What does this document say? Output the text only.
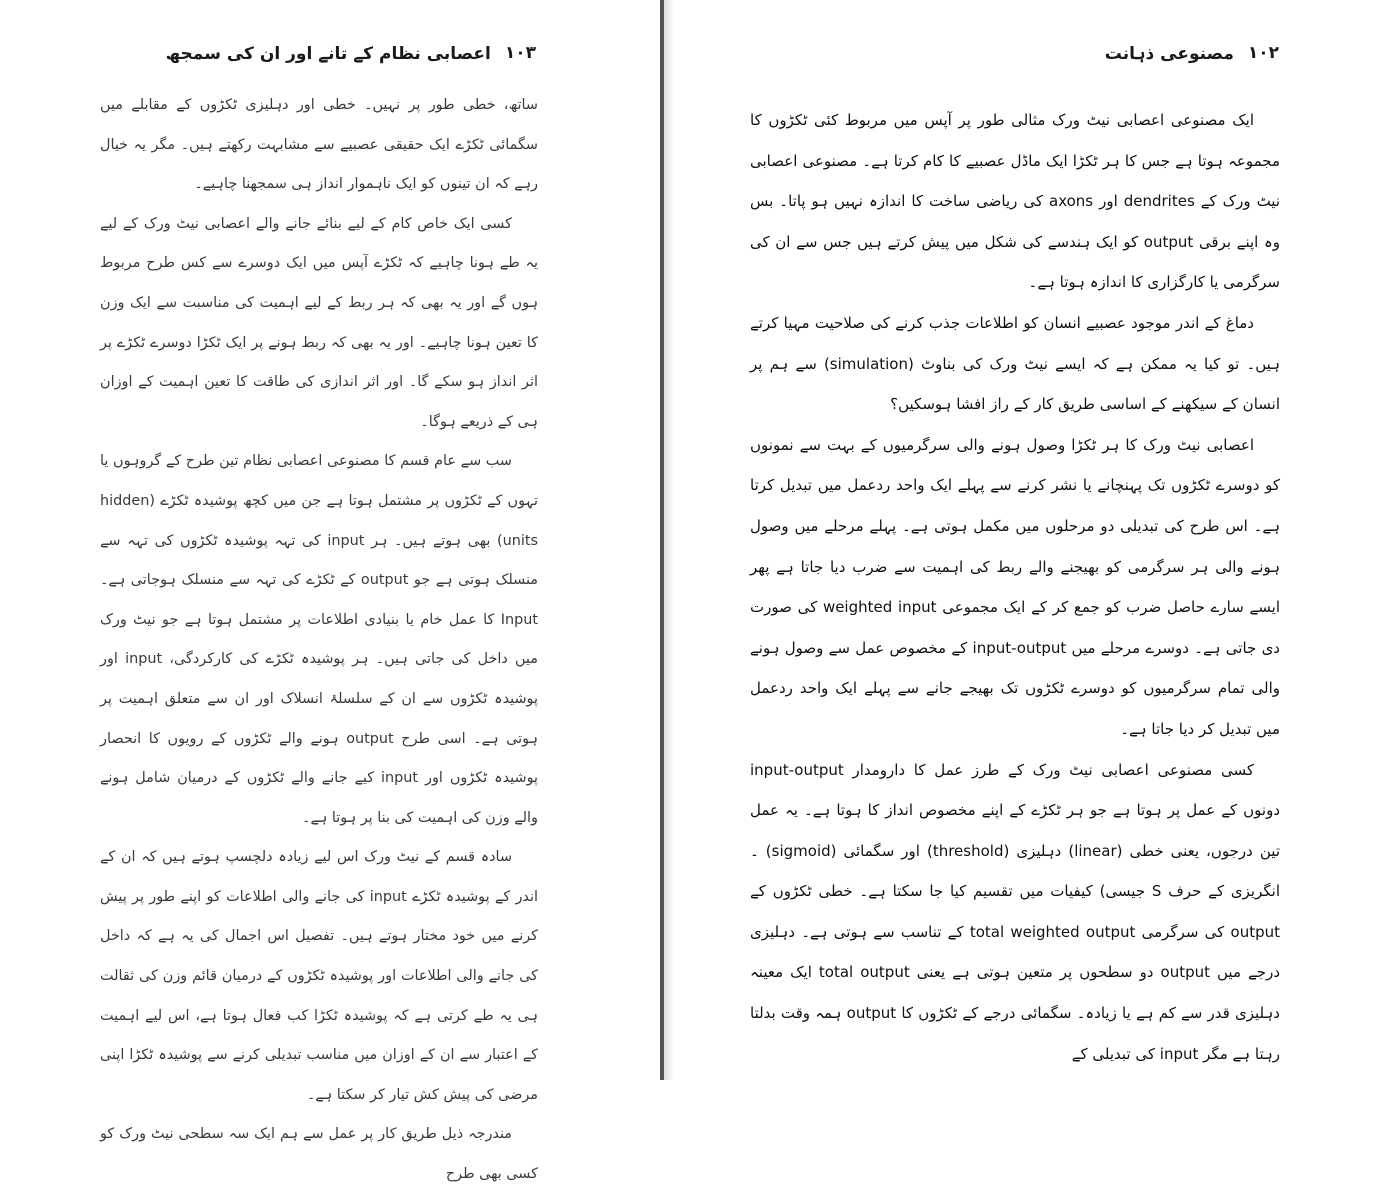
۱۰۳
اعصابی نظام کے تانے اور ان کی سمجھ

ساتھ، خطی طور پر نہیں۔ خطی اور دہلیزی ٹکڑوں کے مقابلے میں سگمائی ٹکڑے ایک حقیقی عصبیے سے مشابہت رکھتے ہیں۔ مگر یہ خیال رہے کہ ان تینوں کو ایک ناہموار انداز ہی سمجھنا چاہیے۔

کسی ایک خاص کام کے لیے بنائے جانے والے اعصابی نیٹ ورک کے لیے یہ طے ہونا چاہیے کہ ٹکڑے آپس میں ایک دوسرے سے کس طرح مربوط ہوں گے اور یہ بھی کہ ہر ربط کے لیے اہمیت کی مناسبت سے ایک وزن کا تعین ہونا چاہیے۔ اور یہ بھی کہ ربط ہونے پر ایک ٹکڑا دوسرے ٹکڑے پر اثر انداز ہو سکے گا۔ اور اثر اندازی کی طاقت کا تعین اہمیت کے اوزان ہی کے ذریعے ہوگا۔

سب سے عام قسم کا مصنوعی اعصابی نظام تین طرح کے گروہوں یا تہوں کے ٹکڑوں پر مشتمل ہوتا ہے جن میں کچھ پوشیدہ ٹکڑے (hidden units) بھی ہوتے ہیں۔ ہر input کی تہہ پوشیدہ ٹکڑوں کی تہہ سے منسلک ہوتی ہے جو output کے ٹکڑے کی تہہ سے منسلک ہوجاتی ہے۔ Input کا عمل خام یا بنیادی اطلاعات پر مشتمل ہوتا ہے جو نیٹ ورک میں داخل کی جاتی ہیں۔ ہر پوشیدہ ٹکڑے کی کارکردگی، input اور پوشیدہ ٹکڑوں سے ان کے سلسلۂ انسلاک اور ان سے متعلق اہمیت پر ہوتی ہے۔ اسی طرح output ہونے والے ٹکڑوں کے رویوں کا انحصار پوشیدہ ٹکڑوں اور input کیے جانے والے ٹکڑوں کے درمیان شامل ہونے والے وزن کی اہمیت کی بنا پر ہوتا ہے۔

سادہ قسم کے نیٹ ورک اس لیے زیادہ دلچسپ ہوتے ہیں کہ ان کے اندر کے پوشیدہ ٹکڑے input کی جانے والی اطلاعات کو اپنے طور پر پیش کرنے میں خود مختار ہوتے ہیں۔ تفصیل اس اجمال کی یہ ہے کہ داخل کی جانے والی اطلاعات اور پوشیدہ ٹکڑوں کے درمیان قائم وزن کی ثقالت ہی یہ طے کرتی ہے کہ پوشیدہ ٹکڑا کب فعال ہوتا ہے، اس لیے اہمیت کے اعتبار سے ان کے اوزان میں مناسب تبدیلی کرنے سے پوشیدہ ٹکڑا اپنی مرضی کی پیش کش تیار کر سکتا ہے۔

مندرجہ ذیل طریق کار پر عمل سے ہم ایک سہ سطحی نیٹ ورک کو کسی بھی طرح

۱۰۲
مصنوعی ذہانت

ایک مصنوعی اعصابی نیٹ ورک مثالی طور پر آپس میں مربوط کئی ٹکڑوں کا مجموعہ ہوتا ہے جس کا ہر ٹکڑا ایک ماڈل عصبیے کا کام کرتا ہے۔ مصنوعی اعصابی نیٹ ورک کے dendrites اور axons کی ریاضی ساخت کا اندازہ نہیں ہو پاتا۔ بس وہ اپنے برقی output کو ایک ہندسے کی شکل میں پیش کرتے ہیں جس سے ان کی سرگرمی یا کارگزاری کا اندازہ ہوتا ہے۔

دماغ کے اندر موجود عصبیے انسان کو اطلاعات جذب کرنے کی صلاحیت مہیا کرتے ہیں۔ تو کیا یہ ممکن ہے کہ ایسے نیٹ ورک کی بناوٹ (simulation) سے ہم پر انسان کے سیکھنے کے اساسی طریق کار کے راز افشا ہوسکیں؟

اعصابی نیٹ ورک کا ہر ٹکڑا وصول ہونے والی سرگرمیوں کے بہت سے نمونوں کو دوسرے ٹکڑوں تک پہنچانے یا نشر کرنے سے پہلے ایک واحد ردعمل میں تبدیل کرتا ہے۔ اس طرح کی تبدیلی دو مرحلوں میں مکمل ہوتی ہے۔ پہلے مرحلے میں وصول ہونے والی ہر سرگرمی کو بھیجنے والے ربط کی اہمیت سے ضرب دیا جاتا ہے پھر ایسے سارے حاصل ضرب کو جمع کر کے ایک مجموعی weighted input کی صورت دی جاتی ہے۔ دوسرے مرحلے میں input-output کے مخصوص عمل سے وصول ہونے والی تمام سرگرمیوں کو دوسرے ٹکڑوں تک بھیجے جانے سے پہلے ایک واحد ردعمل میں تبدیل کر دیا جاتا ہے۔

کسی مصنوعی اعصابی نیٹ ورک کے طرز عمل کا دارومدار input-output دونوں کے عمل پر ہوتا ہے جو ہر ٹکڑے کے اپنے مخصوص انداز کا ہوتا ہے۔ یہ عمل تین درجوں، یعنی خطی (linear) دہلیزی (threshold) اور سگمائی (sigmoid) ۔ انگریزی کے حرف S جیسی) کیفیات میں تقسیم کیا جا سکتا ہے۔ خطی ٹکڑوں کے output کی سرگرمی total weighted output کے تناسب سے ہوتی ہے۔ دہلیزی درجے میں output دو سطحوں پر متعین ہوتی ہے یعنی total output ایک معینہ دہلیزی قدر سے کم ہے یا زیادہ۔ سگمائی درجے کے ٹکڑوں کا output ہمہ وقت بدلتا رہتا ہے مگر input کی تبدیلی کے
